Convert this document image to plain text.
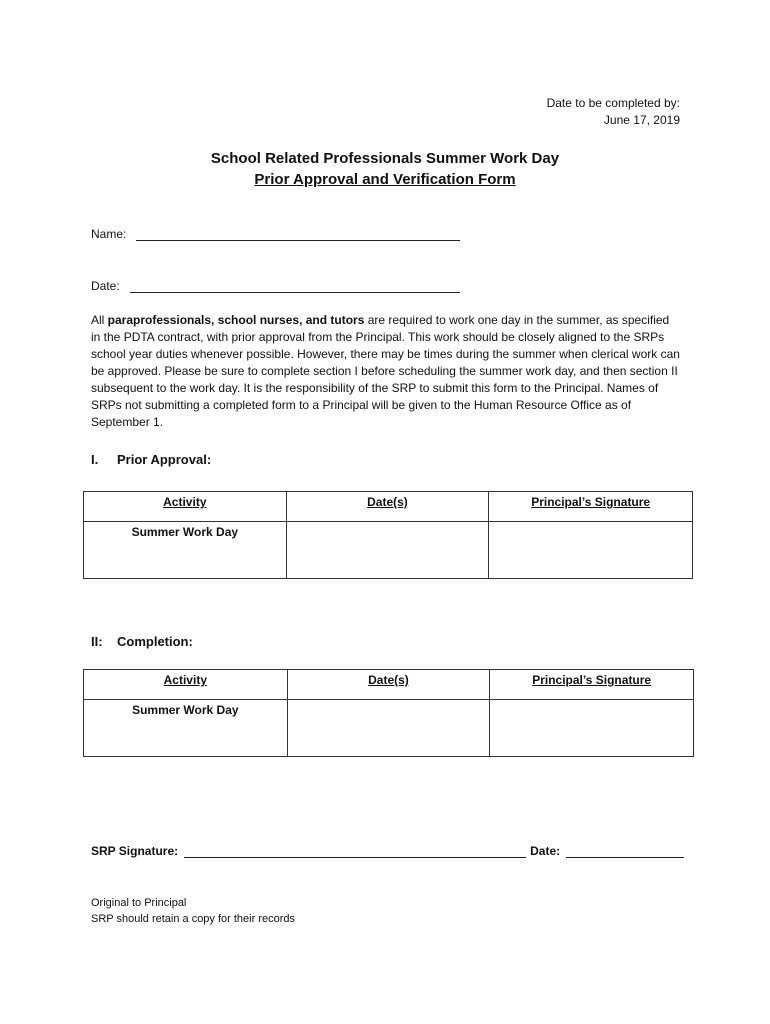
Date to be completed by:
June 17, 2019
School Related Professionals Summer Work Day
Prior Approval and Verification Form
Name:
Date:
All paraprofessionals, school nurses, and tutors are required to work one day in the summer, as specified in the PDTA contract, with prior approval from the Principal. This work should be closely aligned to the SRPs school year duties whenever possible. However, there may be times during the summer when clerical work can be approved. Please be sure to complete section I before scheduling the summer work day, and then section II subsequent to the work day. It is the responsibility of the SRP to submit this form to the Principal. Names of SRPs not submitting a completed form to a Principal will be given to the Human Resource Office as of September 1.
I. Prior Approval:
Activity	Date(s)	Principal’s Signature
Summer Work Day		
II: Completion:
Activity	Date(s)	Principal’s Signature
Summer Work Day		
SRP Signature:	Date:
Original to Principal
SRP should retain a copy for their records
